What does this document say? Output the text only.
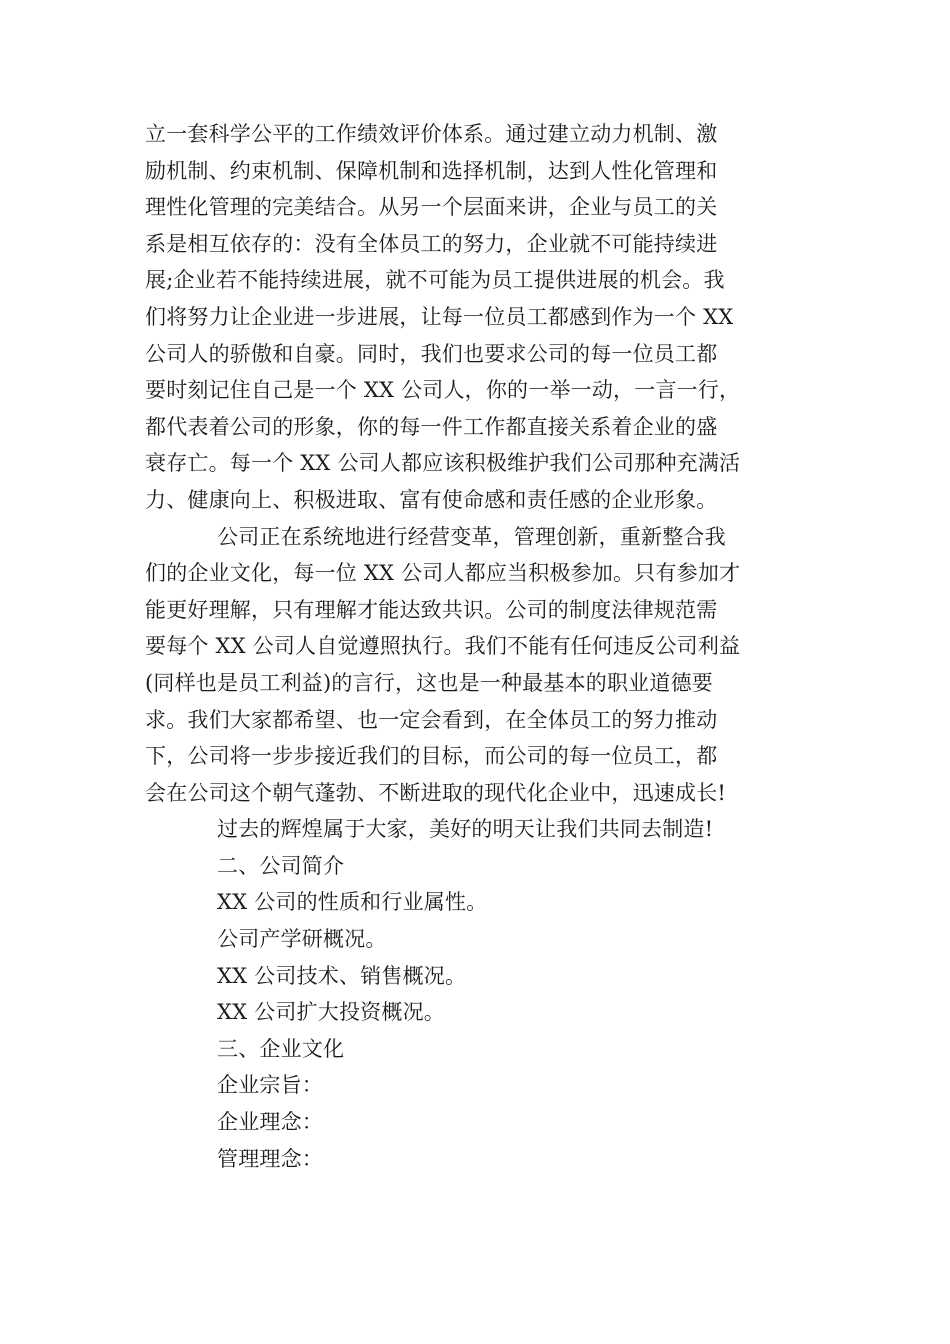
立一套科学公平的工作绩效评价体系。通过建立动力机制、激
励机制、约束机制、保障机制和选择机制，达到人性化管理和
理性化管理的完美结合。从另一个层面来讲，企业与员工的关
系是相互依存的：没有全体员工的努力，企业就不可能持续进
展;企业若不能持续进展，就不可能为员工提供进展的机会。我
们将努力让企业进一步进展，让每一位员工都感到作为一个 XX
公司人的骄傲和自豪。同时，我们也要求公司的每一位员工都
要时刻记住自己是一个 XX 公司人，你的一举一动，一言一行，
都代表着公司的形象，你的每一件工作都直接关系着企业的盛
衰存亡。每一个 XX 公司人都应该积极维护我们公司那种充满活
力、健康向上、积极进取、富有使命感和责任感的企业形象。
公司正在系统地进行经营变革，管理创新，重新整合我
们的企业文化，每一位 XX 公司人都应当积极参加。只有参加才
能更好理解，只有理解才能达致共识。公司的制度法律规范需
要每个 XX 公司人自觉遵照执行。我们不能有任何违反公司利益
(同样也是员工利益)的言行，这也是一种最基本的职业道德要
求。我们大家都希望、也一定会看到，在全体员工的努力推动
下，公司将一步步接近我们的目标，而公司的每一位员工，都
会在公司这个朝气蓬勃、不断进取的现代化企业中，迅速成长!
过去的辉煌属于大家，美好的明天让我们共同去制造!
二、公司简介
XX 公司的性质和行业属性。
公司产学研概况。
XX 公司技术、销售概况。
XX 公司扩大投资概况。
三、企业文化
企业宗旨：
企业理念：
管理理念：
